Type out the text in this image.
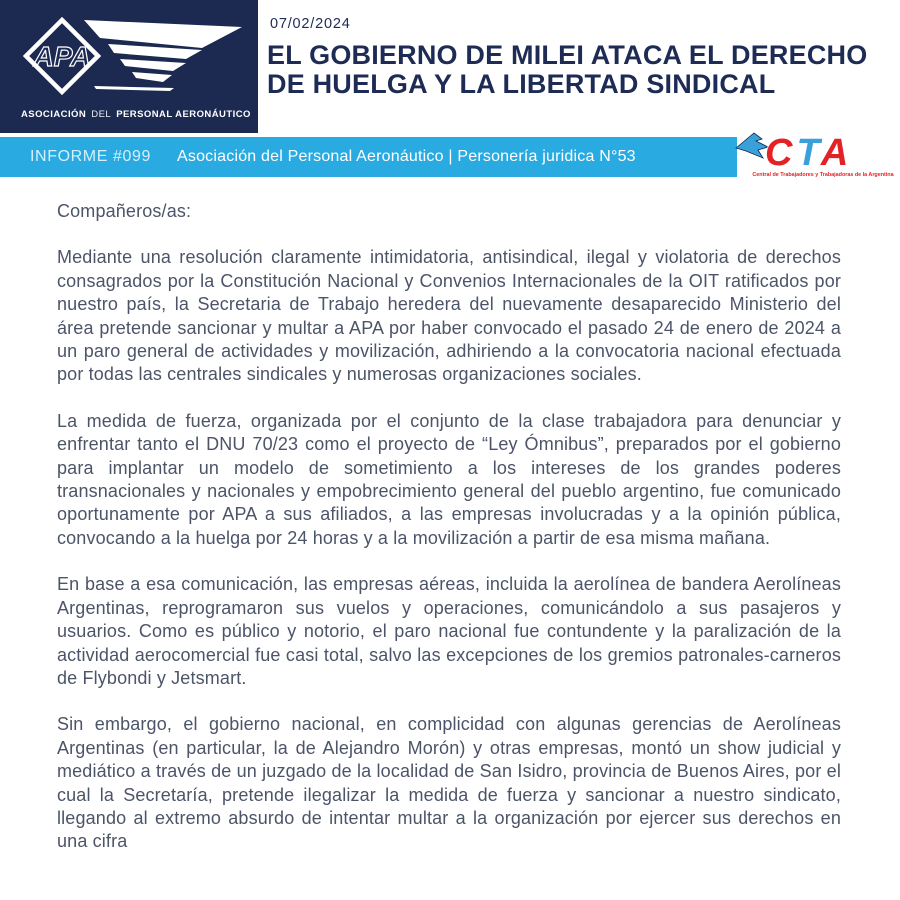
APA
ASOCIACIÓN DEL PERSONAL AERONÁUTICO
07/02/2024
EL GOBIERNO DE MILEI ATACA EL DERECHO
DE HUELGA Y LA LIBERTAD SINDICAL
INFORME #099 Asociación del Personal Aeronáutico | Personería juridica N°53	CTA
Central de Trabajadores y Trabajadoras de la Argentina

Compañeros/as:

Mediante una resolución claramente intimidatoria, antisindical, ilegal y violatoria de derechos consagrados por la Constitución Nacional y Convenios Internacionales de la OIT ratificados por nuestro país, la Secretaria de Trabajo heredera del nuevamente desaparecido Ministerio del área pretende sancionar y multar a APA por haber convocado el pasado 24 de enero de 2024 a un paro general de actividades y movilización, adhiriendo a la convocatoria nacional efectuada por todas las centrales sindicales y numerosas organizaciones sociales.

La medida de fuerza, organizada por el conjunto de la clase trabajadora para denunciar y enfrentar tanto el DNU 70/23 como el proyecto de “Ley Ómnibus”, preparados por el gobierno para implantar un modelo de sometimiento a los intereses de los grandes poderes transnacionales y nacionales y empobrecimiento general del pueblo argentino, fue comunicado oportunamente por APA a sus afiliados, a las empresas involucradas y a la opinión pública, convocando a la huelga por 24 horas y a la movilización a partir de esa misma mañana.

En base a esa comunicación, las empresas aéreas, incluida la aerolínea de bandera Aerolíneas Argentinas, reprogramaron sus vuelos y operaciones, comunicándolo a sus pasajeros y usuarios. Como es público y notorio, el paro nacional fue contundente y la paralización de la actividad aerocomercial fue casi total, salvo las excepciones de los gremios patronales-carneros de Flybondi y Jetsmart.

Sin embargo, el gobierno nacional, en complicidad con algunas gerencias de Aerolíneas Argentinas (en particular, la de Alejandro Morón) y otras empresas, montó un show judicial y mediático a través de un juzgado de la localidad de San Isidro, provincia de Buenos Aires, por el cual la Secretaría, pretende ilegalizar la medida de fuerza y sancionar a nuestro sindicato, llegando al extremo absurdo de intentar multar a la organización por ejercer sus derechos en una cifra
